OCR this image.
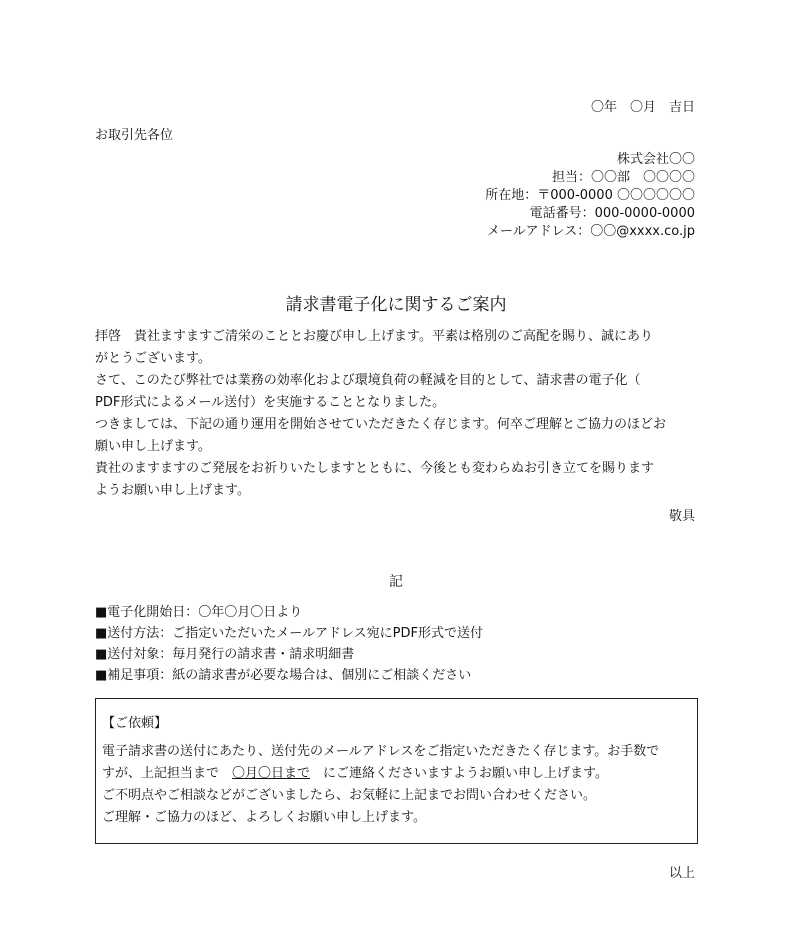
〇年　〇月　吉日
お取引先各位
株式会社〇〇
担当：〇〇部　〇〇〇〇
所在地：〒000-0000 〇〇〇〇〇〇
電話番号：000-0000-0000
メールアドレス：〇〇@xxxx.co.jp
請求書電子化に関するご案内

拝啓　貴社ますますご清栄のこととお慶び申し上げます。平素は格別のご高配を賜り、誠にあり

がとうございます。

さて、このたび弊社では業務の効率化および環境負荷の軽減を目的として、請求書の電子化（

PDF形式によるメール送付）を実施することとなりました。

つきましては、下記の通り運用を開始させていただきたく存じます。何卒ご理解とご協力のほどお

願い申し上げます。

貴社のますますのご発展をお祈りいたしますとともに、今後とも変わらぬお引き立てを賜ります

ようお願い申し上げます。

敬具
記
■電子化開始日：〇年〇月〇日より
■送付方法：ご指定いただいたメールアドレス宛にPDF形式で送付
■送付対象：毎月発行の請求書・請求明細書
■補足事項：紙の請求書が必要な場合は、個別にご相談ください
【ご依頼】
電子請求書の送付にあたり、送付先のメールアドレスをご指定いただきたく存じます。お手数で
すが、上記担当まで　〇月〇日まで　にご連絡くださいますようお願い申し上げます。
ご不明点やご相談などがございましたら、お気軽に上記までお問い合わせください。
ご理解・ご協力のほど、よろしくお願い申し上げます。
以上
